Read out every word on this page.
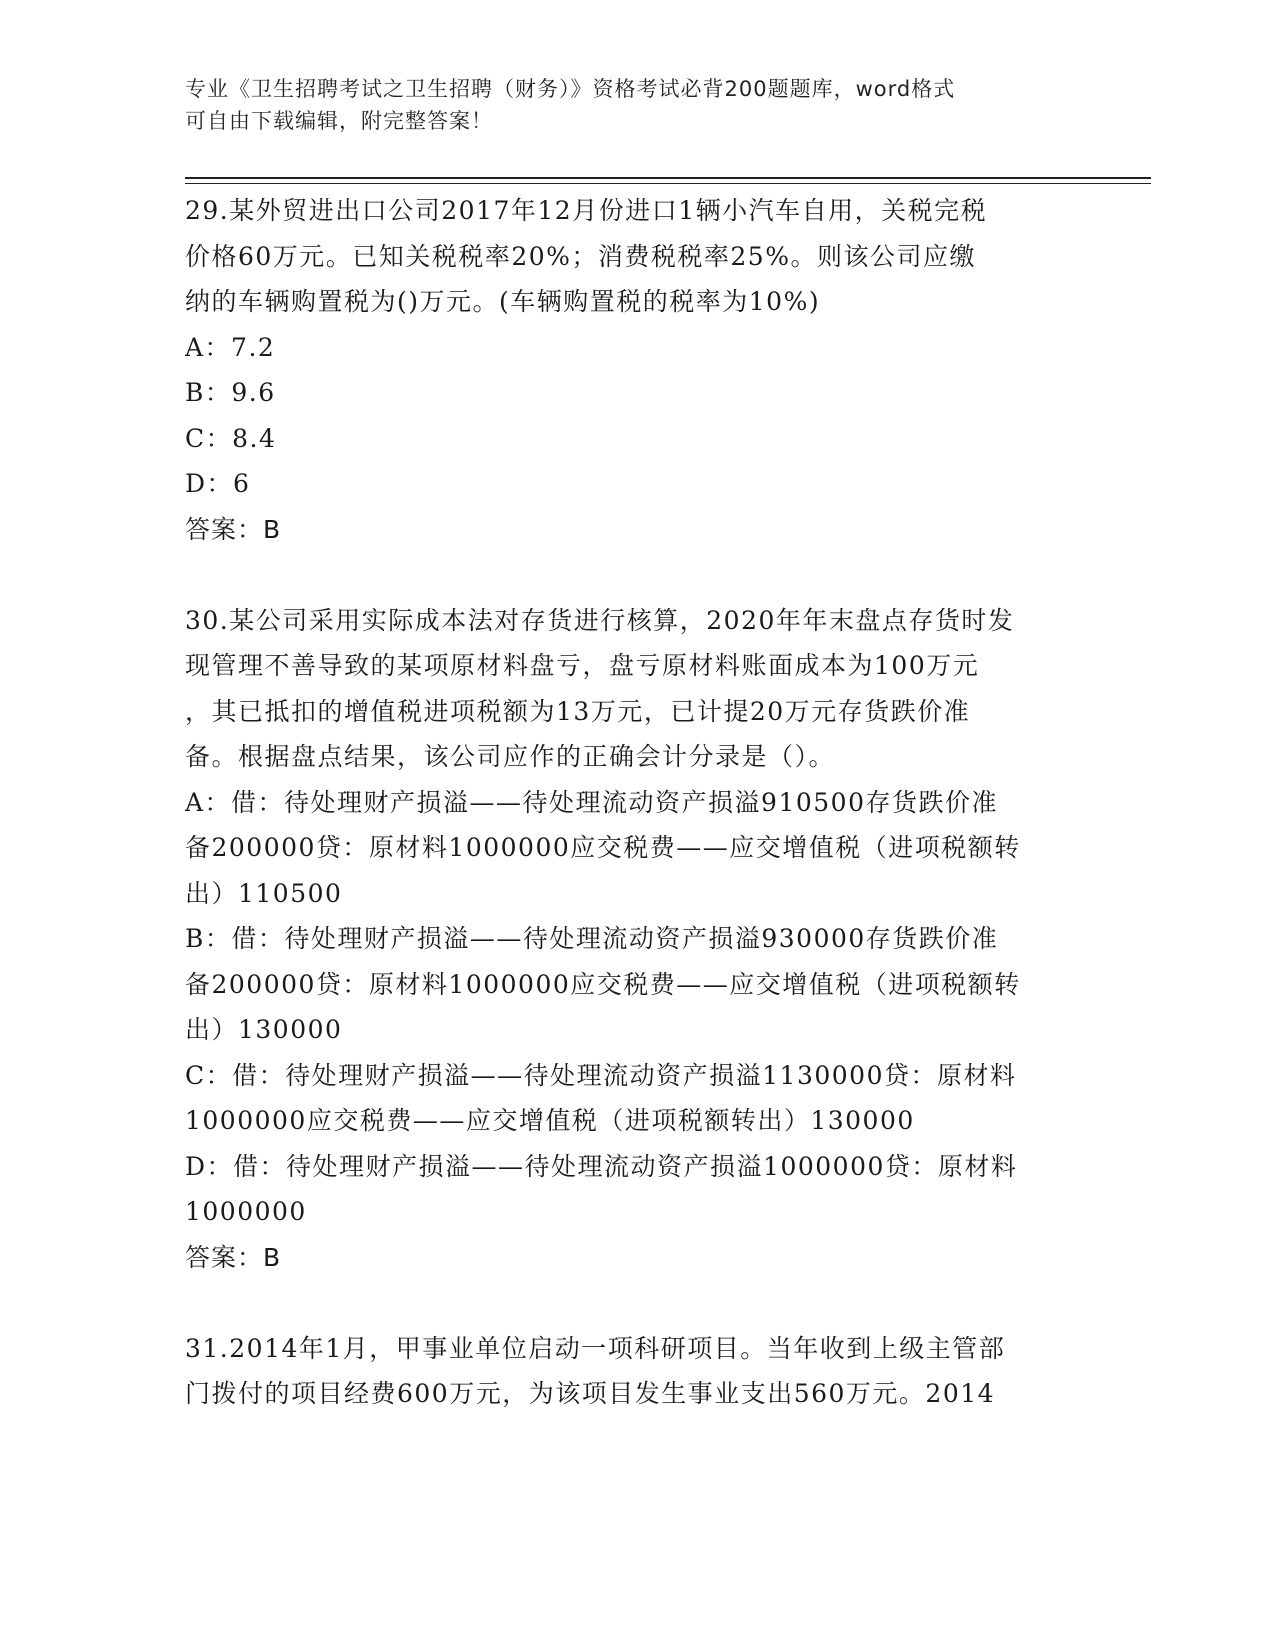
专业《卫生招聘考试之卫生招聘（财务）》资格考试必背200题题库，word格式
可自由下载编辑，附完整答案！
29.某外贸进出口公司2017年12月份进口1辆小汽车自用，关税完税
价格60万元。已知关税税率20%；消费税税率25%。则该公司应缴
纳的车辆购置税为()万元。(车辆购置税的税率为10%)
A：7.2
B：9.6
C：8.4
D：6
答案：B
30.某公司采用实际成本法对存货进行核算，2020年年末盘点存货时发
现管理不善导致的某项原材料盘亏，盘亏原材料账面成本为100万元
，其已抵扣的增值税进项税额为13万元，已计提20万元存货跌价准
备。根据盘点结果，该公司应作的正确会计分录是（）。
A：借：待处理财产损溢——待处理流动资产损溢910500存货跌价准
备200000贷：原材料1000000应交税费——应交增值税（进项税额转
出）110500
B：借：待处理财产损溢——待处理流动资产损溢930000存货跌价准
备200000贷：原材料1000000应交税费——应交增值税（进项税额转
出）130000
C：借：待处理财产损溢——待处理流动资产损溢1130000贷：原材料
1000000应交税费——应交增值税（进项税额转出）130000
D：借：待处理财产损溢——待处理流动资产损溢1000000贷：原材料
1000000
答案：B
31.2014年1月，甲事业单位启动一项科研项目。当年收到上级主管部
门拨付的项目经费600万元，为该项目发生事业支出560万元。2014
